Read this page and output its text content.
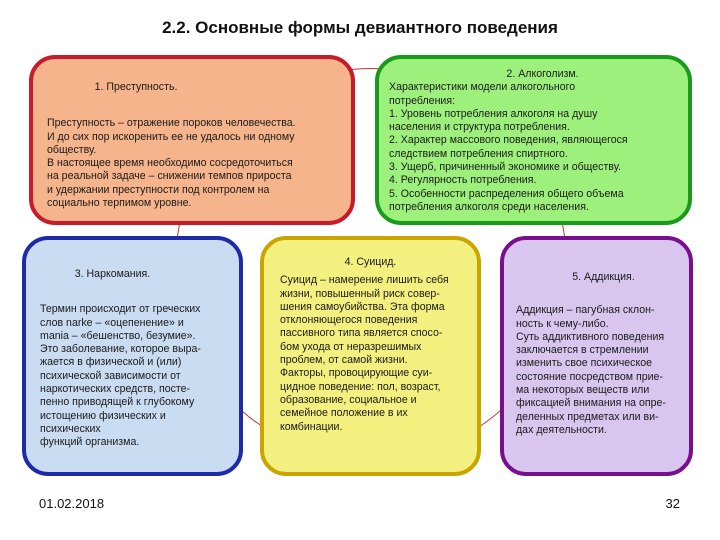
2.2. Основные формы девиантного поведения
1. Преступность.
Преступность – отражение пороков человечества.
И до сих пор искоренить ее не удалось ни одному
обществу.
В настоящее время необходимо сосредоточиться
на реальной задаче – снижении темпов прироста
и удержании преступности под контролем на
социально терпимом уровне.
2. Алкоголизм.
Характеристики модели алкогольного
потребления:
1. Уровень потребления алкоголя на душу
населения и структура потребления.
2. Характер массового поведения, являющегося
следствием потребления спиртного.
3. Ущерб, причиненный экономике и обществу.
4. Регулярность потребления.
5. Особенности распределения общего объема
потребления алкоголя среди населения.
3. Наркомания.
Термин происходит от греческих
слов narke – «оцепенение» и
mania – «бешенство, безумие».
Это заболевание, которое выра-
жается в физической и (или)
психической зависимости от
наркотических средств, посте-
пенно приводящей к глубокому
истощению физических и
психических
функций организма.
4. Суицид.
Суицид – намерение лишить себя
жизни, повышенный риск совер-
шения самоубийства. Эта форма
отклоняющегося поведения
пассивного типа является спосо-
бом ухода от неразрешимых
проблем, от самой жизни.
Факторы, провоцирующие суи-
цидное поведение: пол, возраст,
образование, социальное и
семейное положение в их
комбинации.
5. Аддикция.
Аддикция – пагубная склон-
ность к чему-либо.
Суть аддиктивного поведения
заключается в стремлении
изменить свое психическое
состояние посредством прие-
ма некоторых веществ или
фиксацией внимания на опре-
деленных предметах или ви-
дах деятельности.
01.02.2018	32
